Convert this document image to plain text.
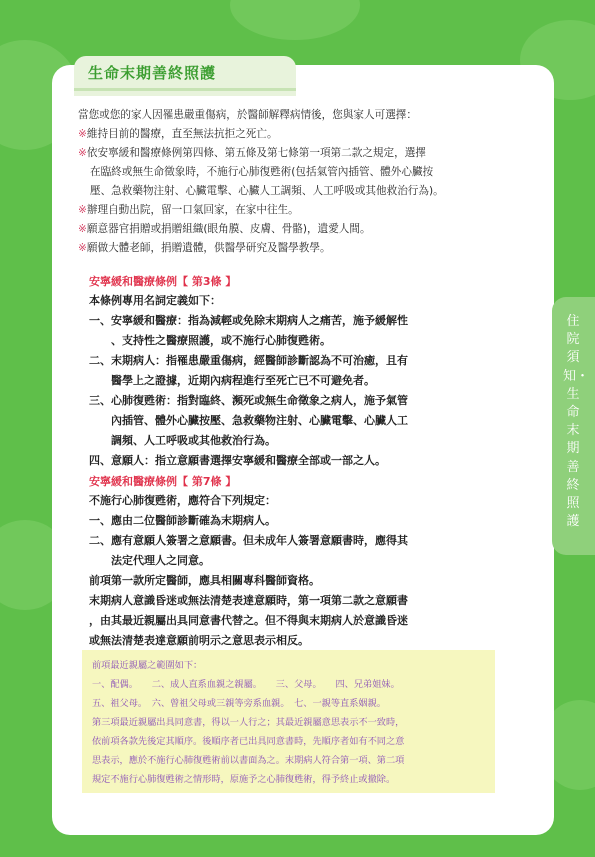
生命末期善終照護
住院須知・生命末期善終照護
當您或您的家人因罹患嚴重傷病，於醫師解釋病情後，您與家人可選擇：
※維持目前的醫療，直至無法抗拒之死亡。
※依安寧緩和醫療條例第四條、第五條及第七條第一項第二款之規定，選擇
在臨終或無生命徵象時，不施行心肺復甦術(包括氣管內插管、體外心臟按
壓、急救藥物注射、心臟電擊、心臟人工調頻、人工呼吸或其他救治行為)。
※辦理自動出院，留一口氣回家，在家中往生。
※願意器官捐贈或捐贈組織(眼角膜、皮膚、骨骼)，遺愛人間。
※願做大體老師，捐贈遺體，供醫學研究及醫學教學。
安寧緩和醫療條例【 第3條 】
本條例專用名詞定義如下：
一、安寧緩和醫療：指為減輕或免除末期病人之痛苦，施予緩解性
　　、支持性之醫療照護，或不施行心肺復甦術。
二、末期病人：指罹患嚴重傷病，經醫師診斷認為不可治癒，且有
　　醫學上之證據，近期內病程進行至死亡已不可避免者。
三、心肺復甦術：指對臨終、瀕死或無生命徵象之病人，施予氣管
　　內插管、體外心臟按壓、急救藥物注射、心臟電擊、心臟人工
　　調頻、人工呼吸或其他救治行為。
四、意願人：指立意願書選擇安寧緩和醫療全部或一部之人。
安寧緩和醫療條例【 第7條 】
不施行心肺復甦術，應符合下列規定：
一、應由二位醫師診斷確為末期病人。
二、應有意願人簽署之意願書。但未成年人簽署意願書時，應得其
　　法定代理人之同意。
前項第一款所定醫師，應具相關專科醫師資格。
末期病人意識昏迷或無法清楚表達意願時，第一項第二款之意願書
，由其最近親屬出具同意書代替之。但不得與末期病人於意識昏迷
或無法清楚表達意願前明示之意思表示相反。
前項最近親屬之範圍如下：
一、配偶。　　二、成人直系血親之親屬。　　三、父母。　　四、兄弟姐妹。
五、祖父母。　六、曾祖父母或三親等旁系血親。　七、一親等直系姻親。
第三項最近親屬出具同意書，得以一人行之；其最近親屬意思表示不一致時，
依前項各款先後定其順序。後順序者已出具同意書時，先順序者如有不同之意
思表示，應於不施行心肺復甦術前以書面為之。末期病人符合第一項、第二項
規定不施行心肺復甦術之情形時，原施予之心肺復甦術，得予終止或撤除。
